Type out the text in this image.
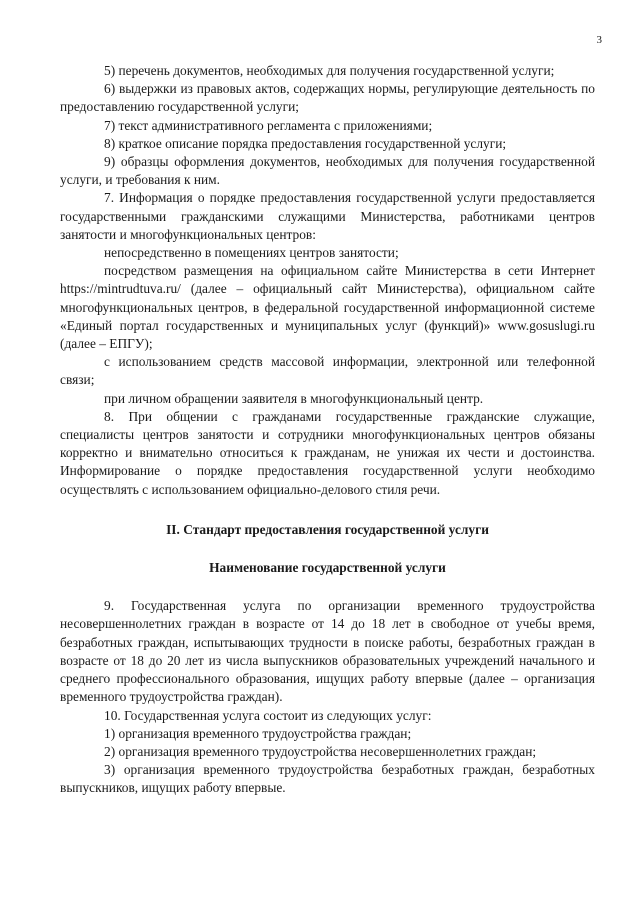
3

5) перечень документов, необходимых для получения государственной услуги;

6) выдержки из правовых актов, содержащих нормы, регулирующие деятельность по предоставлению государственной услуги;

7) текст административного регламента с приложениями;

8) краткое описание порядка предоставления государственной услуги;

9) образцы оформления документов, необходимых для получения государственной услуги, и требования к ним.

7. Информация о порядке предоставления государственной услуги предоставляется государственными гражданскими служащими Министерства, работниками центров занятости и многофункциональных центров:

непосредственно в помещениях центров занятости;

посредством размещения на официальном сайте Министерства в сети Интернет https://mintrudtuva.ru/ (далее – официальный сайт Министерства), официальном сайте многофункциональных центров, в федеральной государственной информационной системе «Единый портал государственных и муниципальных услуг (функций)» www.gosuslugi.ru (далее – ЕПГУ);

с использованием средств массовой информации, электронной или телефонной связи;

при личном обращении заявителя в многофункциональный центр.

8. При общении с гражданами государственные гражданские служащие, специалисты центров занятости и сотрудники многофункциональных центров обязаны корректно и внимательно относиться к гражданам, не унижая их чести и достоинства. Информирование о порядке предоставления государственной услуги необходимо осуществлять с использованием официально-делового стиля речи.

II. Стандарт предоставления государственной услуги

Наименование государственной услуги

9. Государственная услуга по организации временного трудоустройства несовершеннолетних граждан в возрасте от 14 до 18 лет в свободное от учебы время, безработных граждан, испытывающих трудности в поиске работы, безработных граждан в возрасте от 18 до 20 лет из числа выпускников образовательных учреждений начального и среднего профессионального образования, ищущих работу впервые (далее – организация временного трудоустройства граждан).

10. Государственная услуга состоит из следующих услуг:

1) организация временного трудоустройства граждан;

2) организация временного трудоустройства несовершеннолетних граждан;

3) организация временного трудоустройства безработных граждан, безработных выпускников, ищущих работу впервые.
